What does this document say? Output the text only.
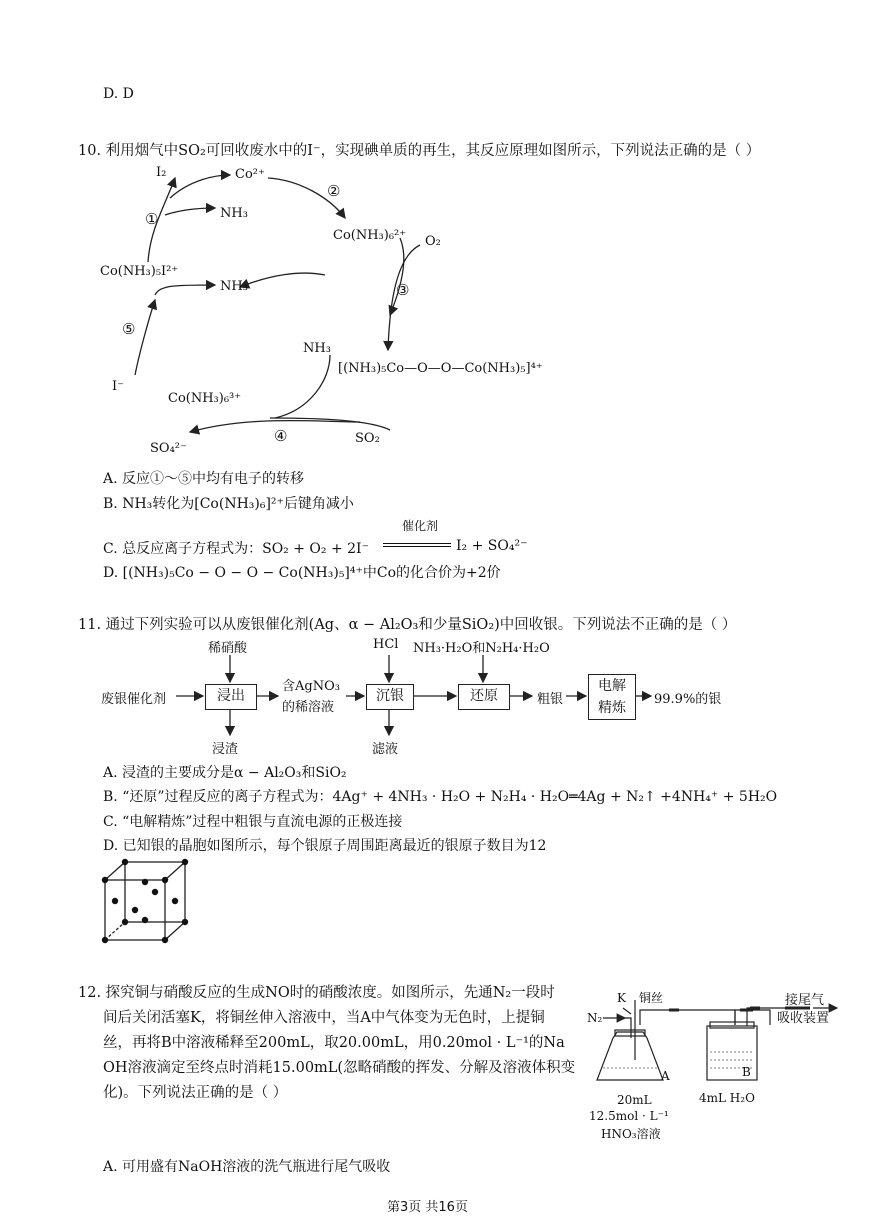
D. D
10. 利用烟气中SO₂可回收废水中的I⁻，实现碘单质的再生，其反应原理如图所示，下列说法正确的是（ ）
I₂	Co²⁺
NH₃
Co(NH₃)₆²⁺ O₂
Co(NH₃)₅I²⁺
NH₃
NH₃
[(NH₃)₅Co—O—O—Co(NH₃)₅]⁴⁺
I⁻
Co(NH₃)₆³⁺
SO₄²⁻
SO₂
①
②
③
④
⑤
A. 反应①～⑤中均有电子的转移
B. NH₃转化为[Co(NH₃)₆]²⁺后键角减小
C. 总反应离子方程式为：SO₂ + O₂ + 2I⁻
催化剂
I₂ + SO₄²⁻
D. [(NH₃)₅Co − O − O − Co(NH₃)₅]⁴⁺中Co的化合价为+2价
11. 通过下列实验可以从废银催化剂(Ag、α − Al₂O₃和少量SiO₂)中回收银。下列说法不正确的是（ ）
稀硝酸	HCl NH₃·H₂O和N₂H₄·H₂O
废银催化剂	浸出
含AgNO₃
的稀溶液
沉银	还原	粗银
电解
精炼
99.9%的银
浸渣	滤液
A. 浸渣的主要成分是α − Al₂O₃和SiO₂
B. “还原”过程反应的离子方程式为：4Ag⁺ + 4NH₃ · H₂O + N₂H₄ · H₂O═4Ag + N₂↑ +4NH₄⁺ + 5H₂O
C. “电解精炼”过程中粗银与直流电源的正极连接
D. 已知银的晶胞如图所示，每个银原子周围距离最近的银原子数目为12
12. 探究铜与硝酸反应的生成NO时的硝酸浓度。如图所示，先通N₂一段时
间后关闭活塞K，将铜丝伸入溶液中，当A中气体变为无色时，上提铜
丝，再将B中溶液稀释至200mL，取20.00mL，用0.20mol · L⁻¹的Na
OH溶液滴定至终点时消耗15.00mL(忽略硝酸的挥发、分解及溶液体积变
化)。下列说法正确的是（ ）
N₂
K 铜丝	接尾气
吸收装置
A	B
20mL
12.5mol · L⁻¹
HNO₃溶液
4mL H₂O
A. 可用盛有NaOH溶液的洗气瓶进行尾气吸收
第3页 共16页
